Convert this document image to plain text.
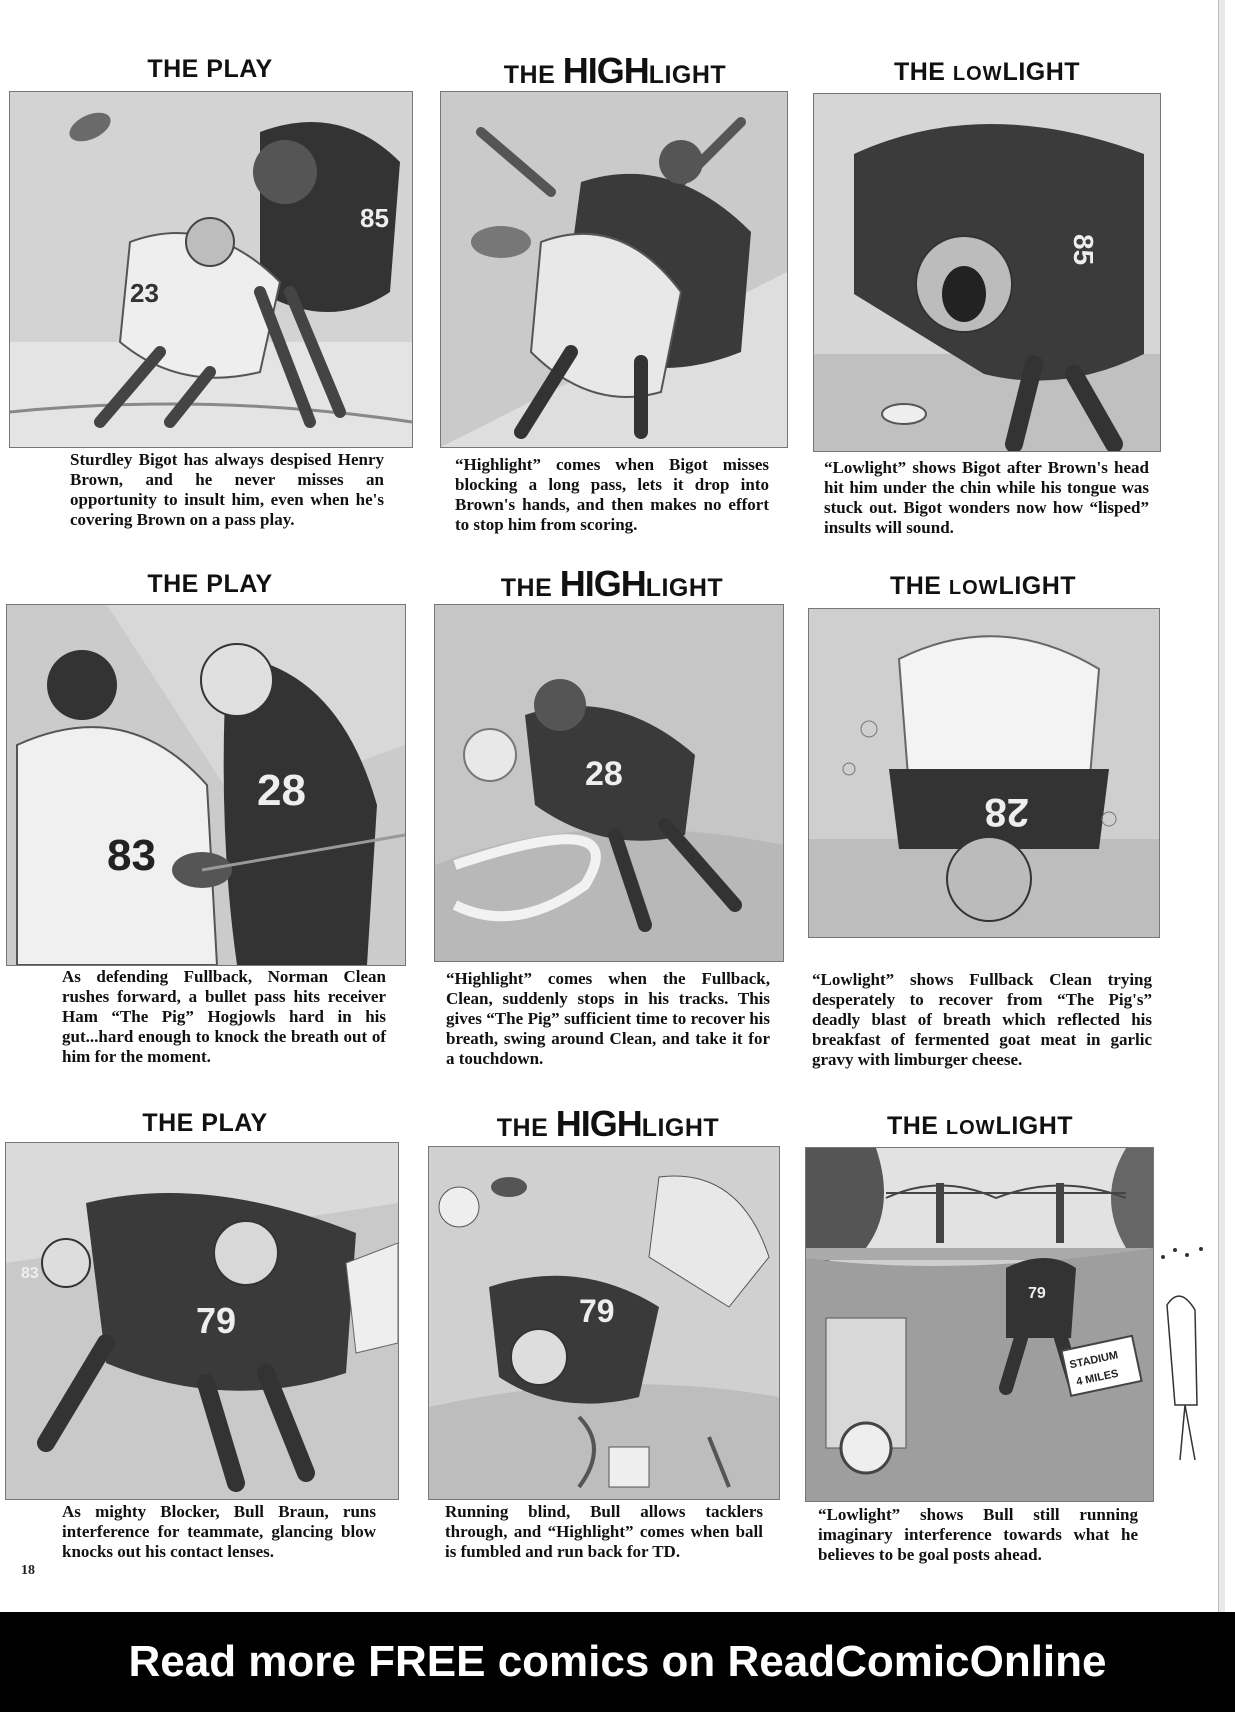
THE PLAY	THE HIGHLIGHT	THE LOWLIGHT
85
23
85
Sturdley Bigot has always despised Henry Brown, and he never misses an opportunity to insult him, even when he's covering Brown on a pass play.
“Highlight” comes when Bigot misses blocking a long pass, lets it drop into Brown's hands, and then makes no effort to stop him from scoring.
“Lowlight” shows Bigot after Brown's head hit him under the chin while his tongue was stuck out. Bigot wonders now how “lisped” insults will sound.
THE PLAY	THE HIGHLIGHT	THE LOWLIGHT
83
28	28
28
As defending Fullback, Norman Clean rushes forward, a bullet pass hits receiver Ham “The Pig” Hogjowls hard in his gut...hard enough to knock the breath out of him for the moment.
“Highlight” comes when the Fullback, Clean, suddenly stops in his tracks. This gives “The Pig” sufficient time to recover his breath, swing around Clean, and take it for a touchdown.
“Lowlight” shows Fullback Clean trying desperately to recover from “The Pig's” deadly blast of breath which reflected his breakfast of fermented goat meat in garlic gravy with limburger cheese.
THE PLAY	THE HIGHLIGHT	THE LOWLIGHT
79
83
79
STADIUM
4 MILES
79
As mighty Blocker, Bull Braun, runs interference for teammate, glancing blow knocks out his contact lenses.
Running blind, Bull allows tacklers through, and “Highlight” comes when ball is fumbled and run back for TD.
“Lowlight” shows Bull still running imaginary interference towards what he believes to be goal posts ahead.
18
Read more FREE comics on ReadComicOnline
